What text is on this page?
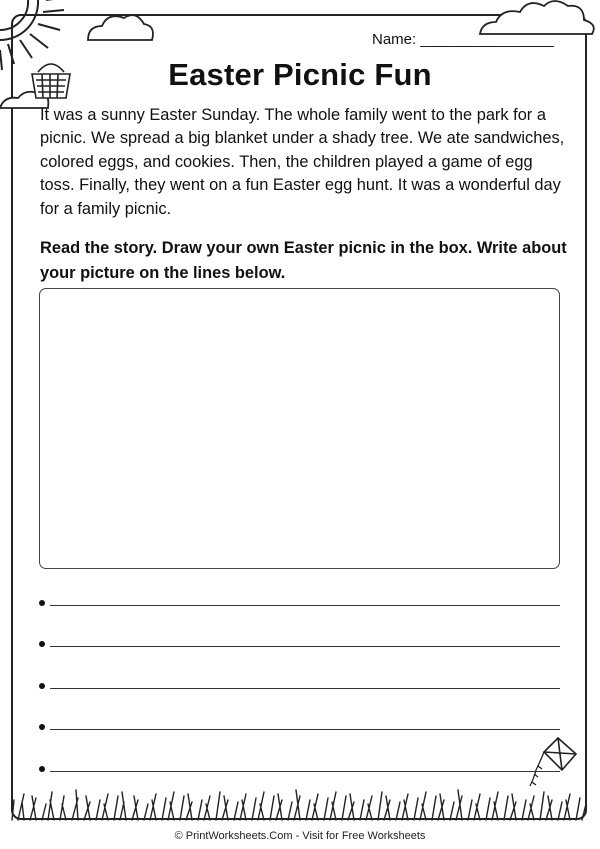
Name: ________________
Easter Picnic Fun

It was a sunny Easter Sunday. The whole family went to the park for a picnic. We spread a big blanket under a shady tree. We ate sandwiches, colored eggs, and cookies. Then, the children played a game of egg toss. Finally, they went on a fun Easter egg hunt. It was a wonderful day for a family picnic.

Read the story. Draw your own Easter picnic in the box. Write about your picture on the lines below.

© PrintWorksheets.Com - Visit for Free Worksheets
